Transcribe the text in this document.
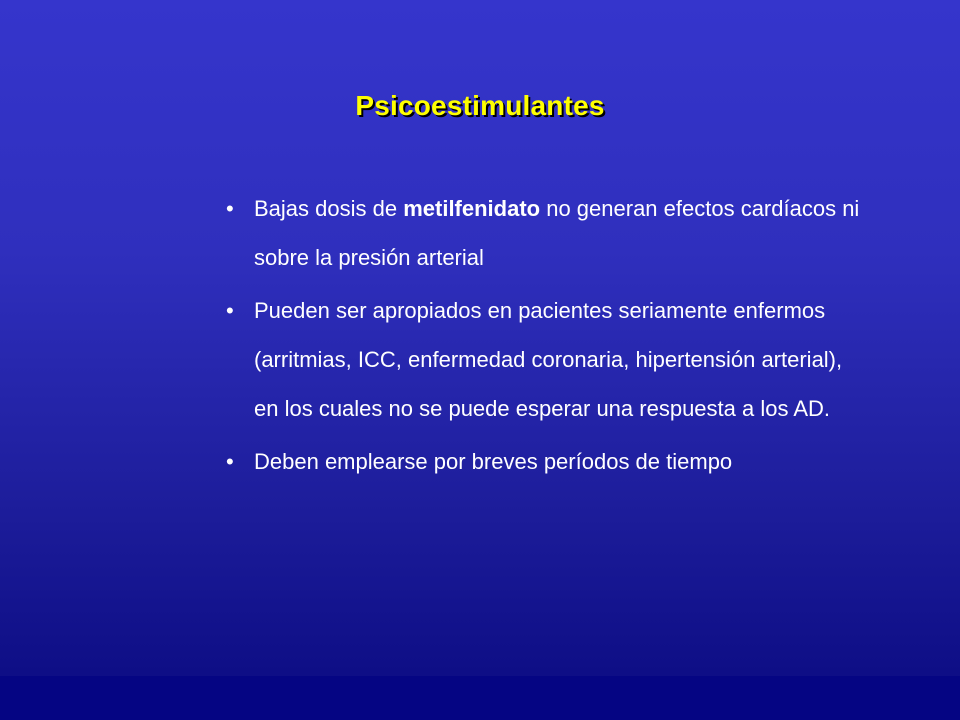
Psicoestimulantes
• Bajas dosis de metilfenidato no generan efectos cardíacos ni sobre la presión arterial
• Pueden ser apropiados en pacientes seriamente enfermos (arritmias, ICC, enfermedad coronaria, hipertensión arterial), en los cuales no se puede esperar una respuesta a los AD.
• Deben emplearse por breves períodos de tiempo
